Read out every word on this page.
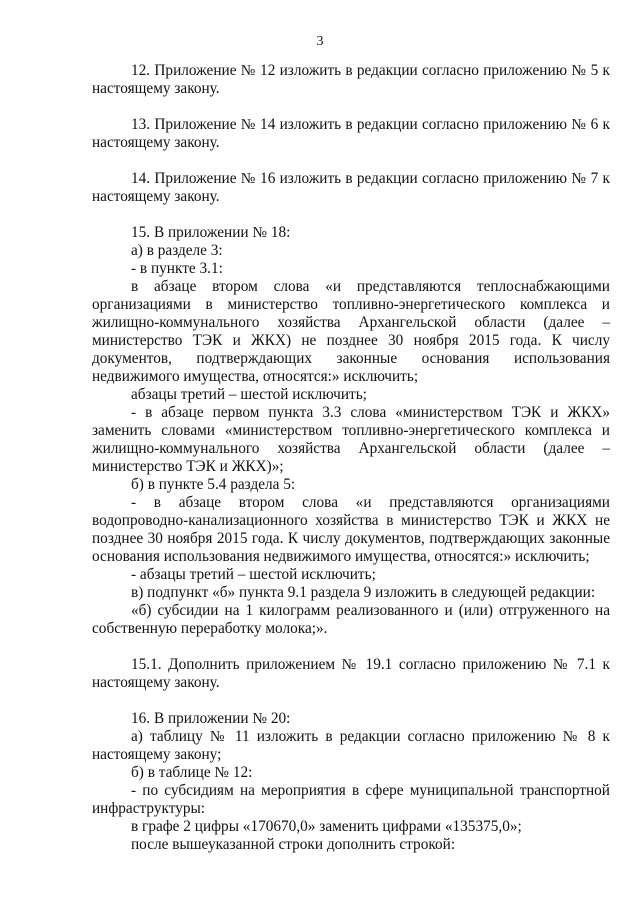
3

12. Приложение № 12 изложить в редакции согласно приложению № 5 к настоящему закону.

13. Приложение № 14 изложить в редакции согласно приложению № 6 к настоящему закону.

14. Приложение № 16 изложить в редакции согласно приложению № 7 к настоящему закону.

15. В приложении № 18:

а) в разделе 3:

- в пункте 3.1:

в абзаце втором слова «и представляются теплоснабжающими организациями в министерство топливно-энергетического комплекса и жилищно-коммунального хозяйства Архангельской области (далее – министерство ТЭК и ЖКХ) не позднее 30 ноября 2015 года. К числу документов, подтверждающих законные основания использования недвижимого имущества, относятся:» исключить;

абзацы третий – шестой исключить;

- в абзаце первом пункта 3.3 слова «министерством ТЭК и ЖКХ» заменить словами «министерством топливно-энергетического комплекса и жилищно-коммунального хозяйства Архангельской области (далее – министерство ТЭК и ЖКХ)»;

б) в пункте 5.4 раздела 5:

- в абзаце втором слова «и представляются организациями водопроводно-канализационного хозяйства в министерство ТЭК и ЖКХ не позднее 30 ноября 2015 года. К числу документов, подтверждающих законные основания использования недвижимого имущества, относятся:» исключить;

- абзацы третий – шестой исключить;

в) подпункт «б» пункта 9.1 раздела 9 изложить в следующей редакции:

«б) субсидии на 1 килограмм реализованного и (или) отгруженного на собственную переработку молока;».

15.1. Дополнить приложением № 19.1 согласно приложению № 7.1 к настоящему закону.

16. В приложении № 20:

а) таблицу № 11 изложить в редакции согласно приложению № 8 к настоящему закону;

б) в таблице № 12:

- по субсидиям на мероприятия в сфере муниципальной транспортной инфраструктуры:

в графе 2 цифры «170670,0» заменить цифрами «135375,0»;

после вышеуказанной строки дополнить строкой:
